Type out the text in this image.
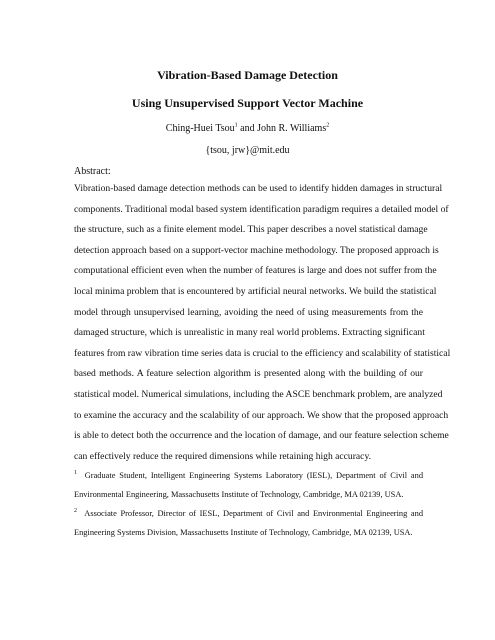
Vibration-Based Damage Detection
Using Unsupervised Support Vector Machine
Ching-Huei Tsou$^1$ and John R. Williams$^2$
{tsou, jrw}@mit.edu
Abstract:
Vibration-based damage detection methods can be used to identify hidden damages in structural
components. Traditional modal based system identification paradigm requires a detailed model of
the structure, such as a finite element model. This paper describes a novel statistical damage
detection approach based on a support-vector machine methodology. The proposed approach is
computational efficient even when the number of features is large and does not suffer from the
local minima problem that is encountered by artificial neural networks. We build the statistical
model through unsupervised learning, avoiding the need of using measurements from the
damaged structure, which is unrealistic in many real world problems. Extracting significant
features from raw vibration time series data is crucial to the efficiency and scalability of statistical
based methods. A feature selection algorithm is presented along with the building of our
statistical model. Numerical simulations, including the ASCE benchmark problem, are analyzed
to examine the accuracy and the scalability of our approach. We show that the proposed approach
is able to detect both the occurrence and the location of damage, and our feature selection scheme
can effectively reduce the required dimensions while retaining high accuracy.
$^1$ Graduate Student, Intelligent Engineering Systems Laboratory (IESL), Department of Civil and
Environmental Engineering, Massachusetts Institute of Technology, Cambridge, MA 02139, USA.
$^2$ Associate Professor, Director of IESL, Department of Civil and Environmental Engineering and
Engineering Systems Division, Massachusetts Institute of Technology, Cambridge, MA 02139, USA.
